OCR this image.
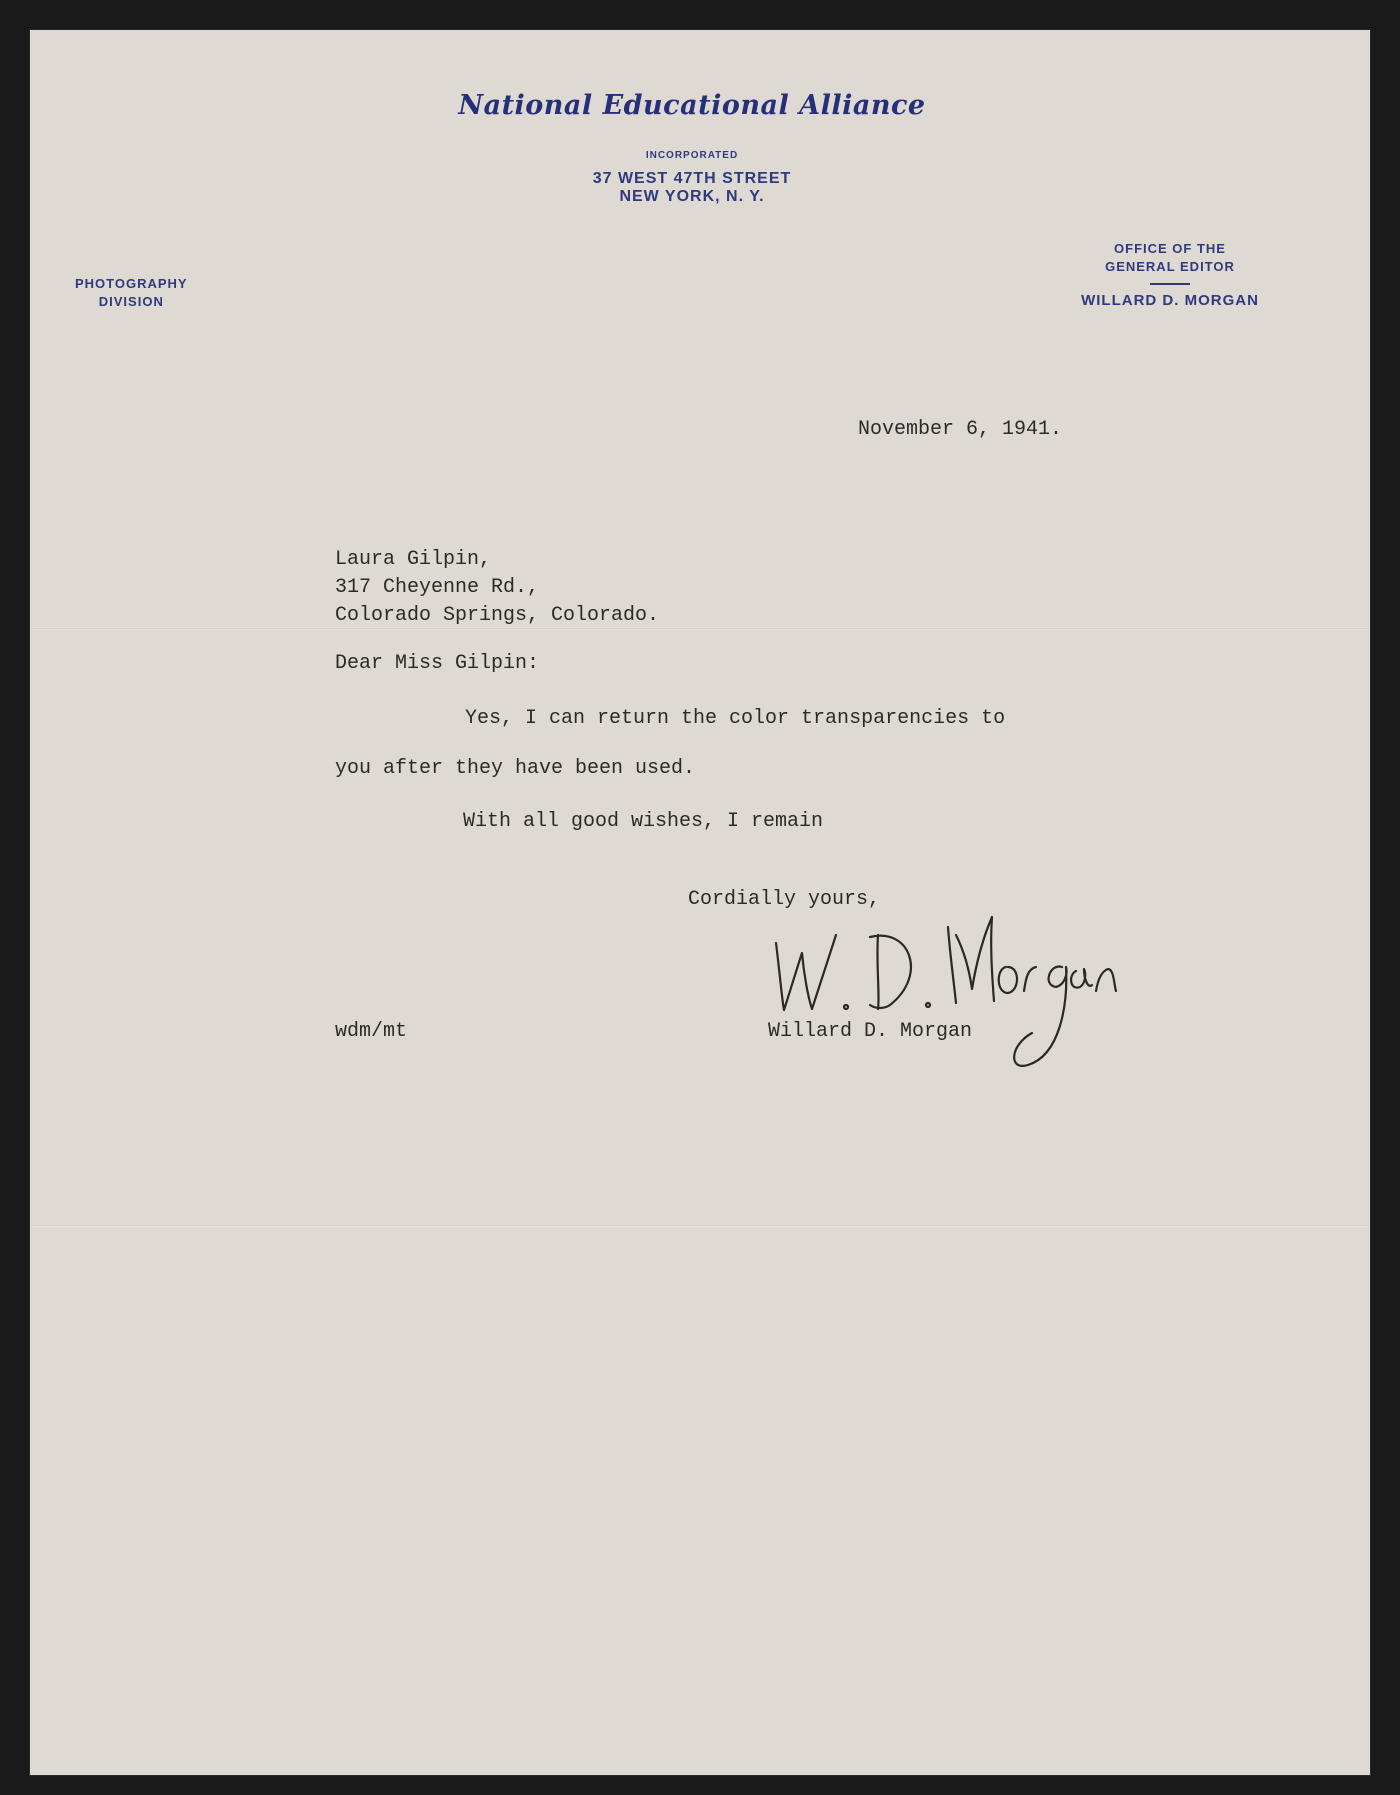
National Educational Alliance
INCORPORATED
37 WEST 47TH STREET
NEW YORK, N. Y.
PHOTOGRAPHY
DIVISION
OFFICE OF THE
GENERAL EDITOR
WILLARD D. MORGAN
November 6, 1941.
Laura Gilpin,
317 Cheyenne Rd.,
Colorado Springs, Colorado.
Dear Miss Gilpin:
Yes, I can return the color transparencies to
you after they have been used.
With all good wishes, I remain
Cordially yours,
Willard D. Morgan
wdm/mt
